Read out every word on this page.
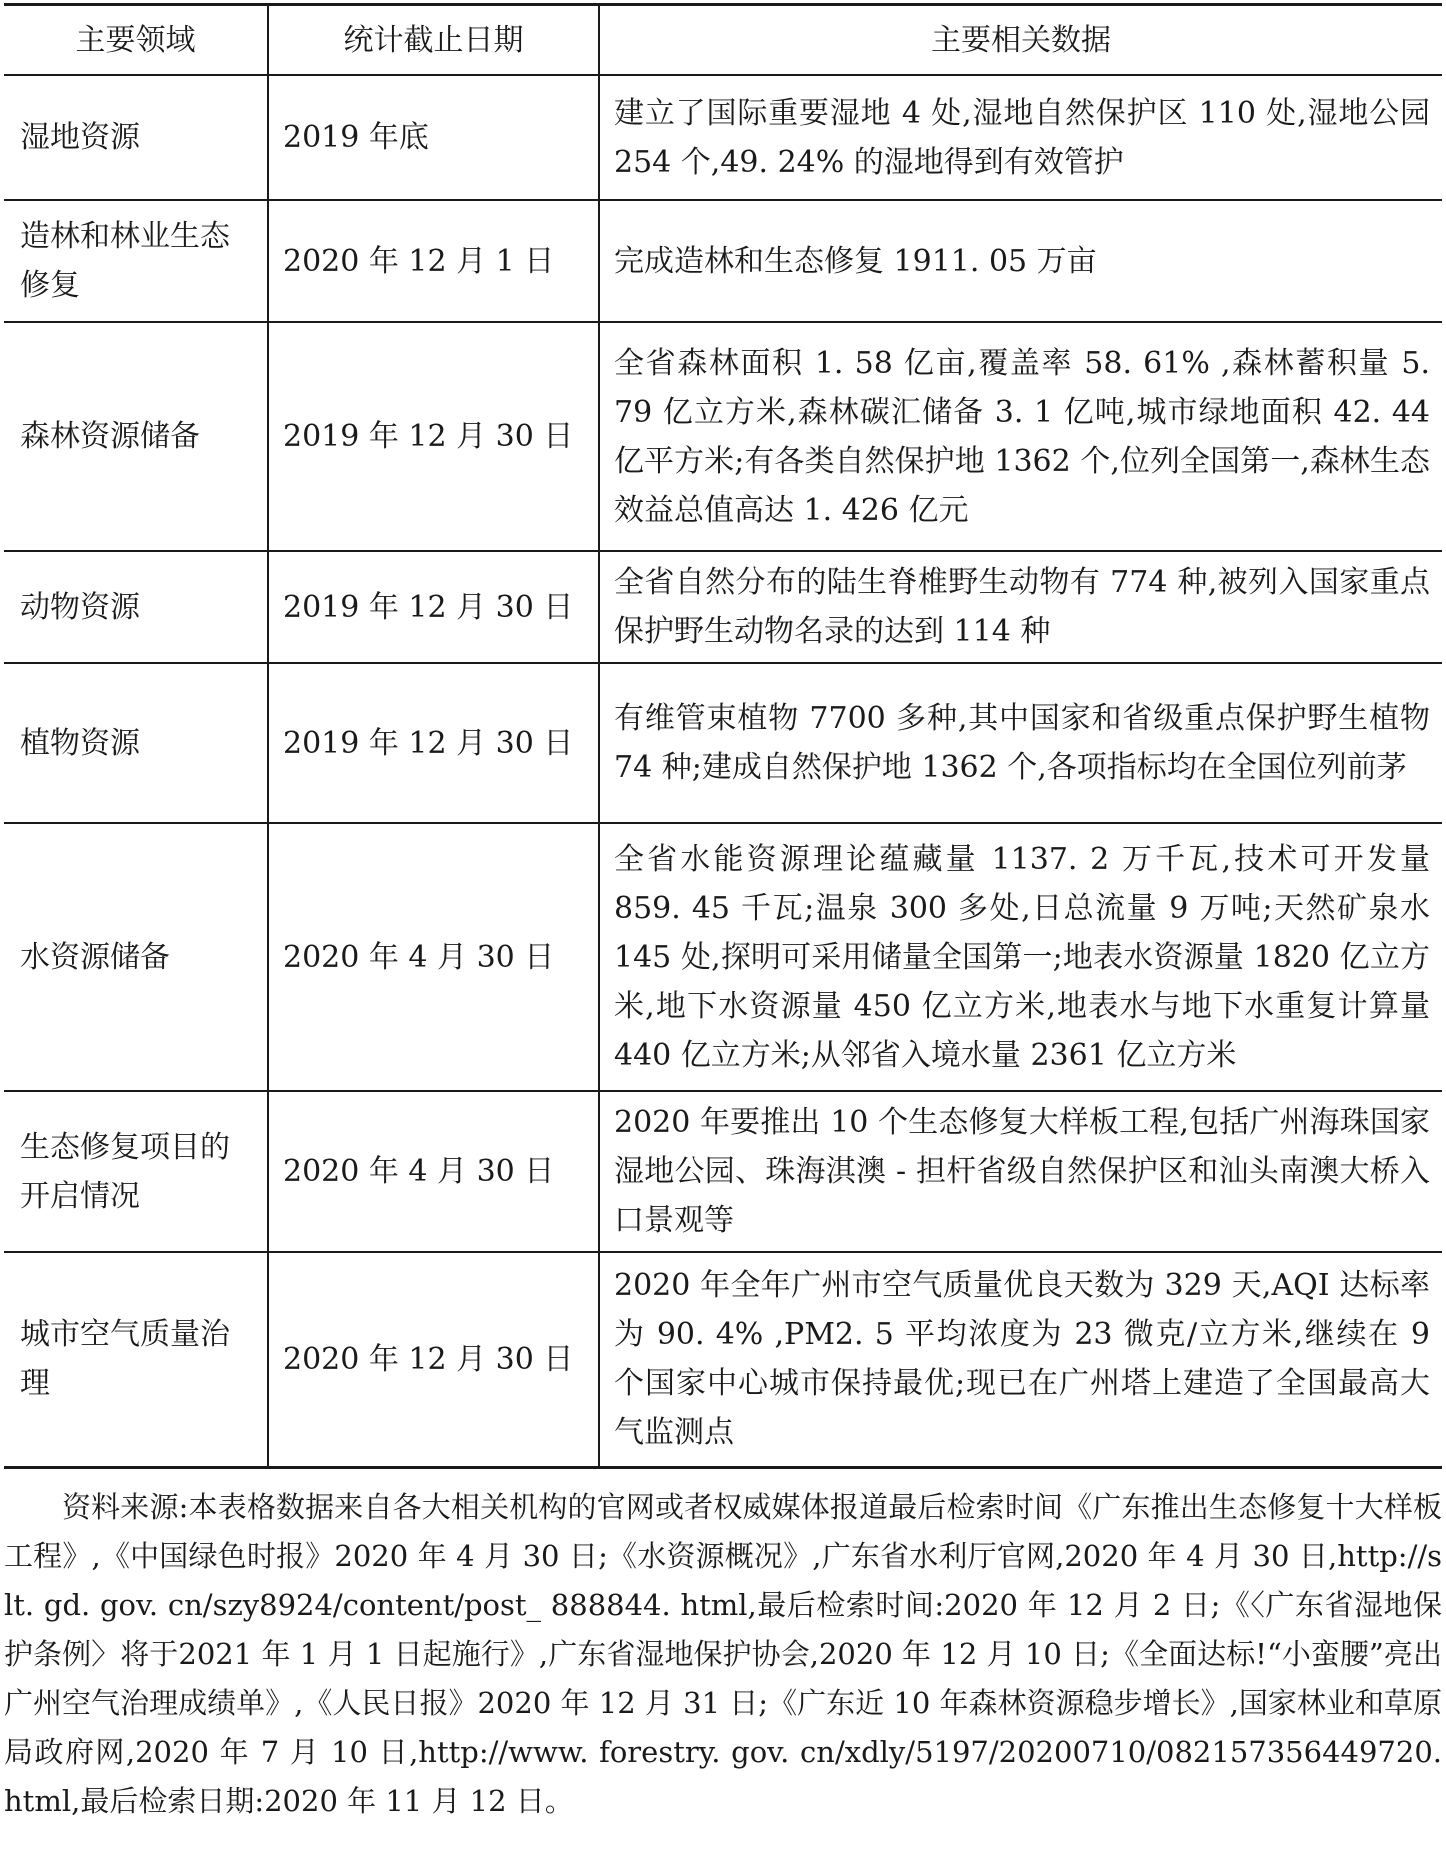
主要领域	统计截止日期	主要相关数据
湿地资源	2019 年底	建立了国际重要湿地 4 处,湿地自然保护区 110 处,湿地公园 254 个,49. 24% 的湿地得到有效管护
造林和林业生态修复	2020 年 12 月 1 日	完成造林和生态修复 1911. 05 万亩
森林资源储备	2019 年 12 月 30 日	全省森林面积 1. 58 亿亩,覆盖率 58. 61% ,森林蓄积量 5. 79 亿立方米,森林碳汇储备 3. 1 亿吨,城市绿地面积 42. 44 亿平方米;有各类自然保护地 1362 个,位列全国第一,森林生态效益总值高达 1. 426 亿元
动物资源	2019 年 12 月 30 日	全省自然分布的陆生脊椎野生动物有 774 种,被列入国家重点保护野生动物名录的达到 114 种
植物资源	2019 年 12 月 30 日	有维管束植物 7700 多种,其中国家和省级重点保护野生植物 74 种;建成自然保护地 1362 个,各项指标均在全国位列前茅
水资源储备	2020 年 4 月 30 日	全省水能资源理论蕴藏量 1137. 2 万千瓦,技术可开发量 859. 45 千瓦;温泉 300 多处,日总流量 9 万吨;天然矿泉水 145 处,探明可采用储量全国第一;地表水资源量 1820 亿立方米,地下水资源量 450 亿立方米,地表水与地下水重复计算量 440 亿立方米;从邻省入境水量 2361 亿立方米
生态修复项目的开启情况	2020 年 4 月 30 日	2020 年要推出 10 个生态修复大样板工程,包括广州海珠国家湿地公园、珠海淇澳 - 担杆省级自然保护区和汕头南澳大桥入口景观等
城市空气质量治理	2020 年 12 月 30 日	2020 年全年广州市空气质量优良天数为 329 天,AQI 达标率为 90. 4% ,PM2. 5 平均浓度为 23 微克/立方米,继续在 9 个国家中心城市保持最优;现已在广州塔上建造了全国最高大气监测点

资料来源:本表格数据来自各大相关机构的官网或者权威媒体报道最后检索时间《广东推出生态修复十大样板工程》,《中国绿色时报》2020 年 4 月 30 日;《水资源概况》,广东省水利厅官网,2020 年 4 月 30 日,http://slt. gd. gov. cn/szy8924/content/post_ 888844. html,最后检索时间:2020 年 12 月 2 日;《〈广东省湿地保护条例〉将于2021 年 1 月 1 日起施行》,广东省湿地保护协会,2020 年 12 月 10 日;《全面达标!“小蛮腰”亮出广州空气治理成绩单》,《人民日报》2020 年 12 月 31 日;《广东近 10 年森林资源稳步增长》,国家林业和草原局政府网,2020 年 7 月 10 日,http://www. forestry. gov. cn/xdly/5197/20200710/082157356449720. html,最后检索日期:2020 年 11 月 12 日。
